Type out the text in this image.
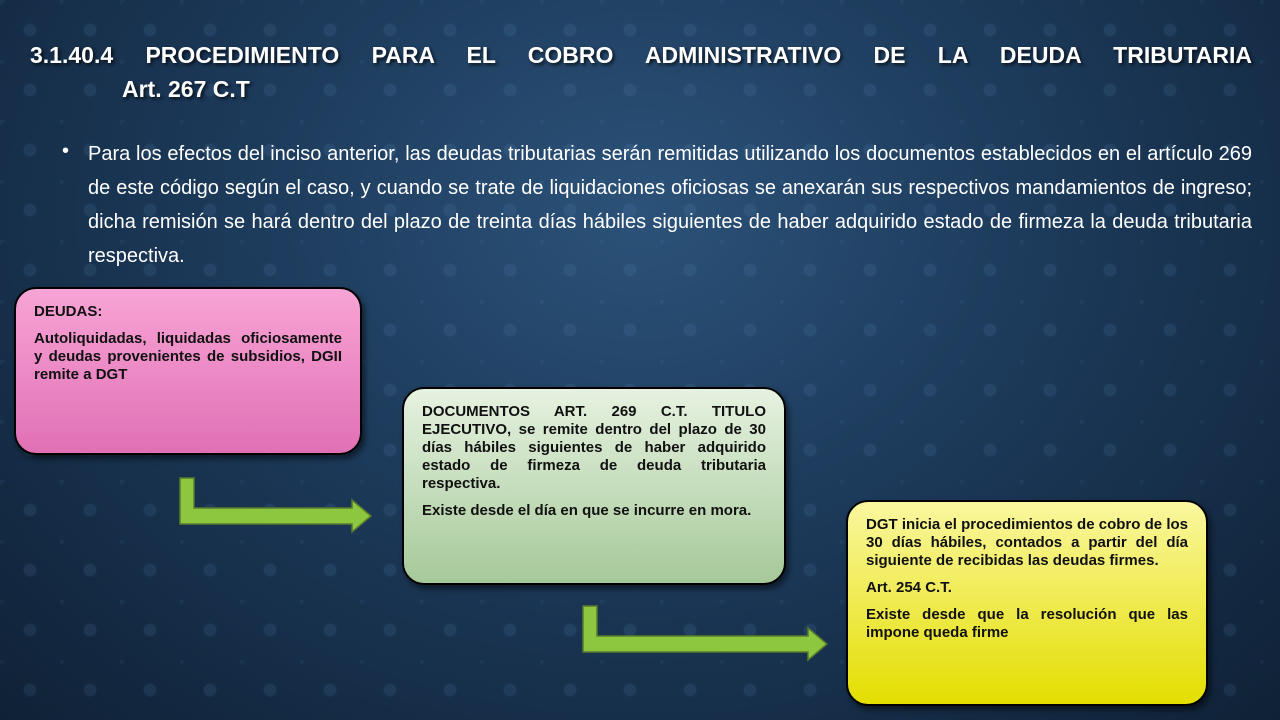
3.1.40.4 PROCEDIMIENTO PARA EL COBRO ADMINISTRATIVO DE LA DEUDA TRIBUTARIA
Art. 267 C.T
• Para los efectos del inciso anterior, las deudas tributarias serán remitidas utilizando los documentos establecidos en el artículo 269 de este código según el caso, y cuando se trate de liquidaciones oficiosas se anexarán sus respectivos mandamientos de ingreso; dicha remisión se hará dentro del plazo de treinta días hábiles siguientes de haber adquirido estado de firmeza la deuda tributaria respectiva.

DEUDAS:

Autoliquidadas, liquidadas oficiosamente y deudas provenientes de subsidios, DGII remite a DGT

DOCUMENTOS ART. 269 C.T. TITULO EJECUTIVO, se remite dentro del plazo de 30 días hábiles siguientes de haber adquirido estado de firmeza de deuda tributaria respectiva.

Existe desde el día en que se incurre en mora.

DGT inicia el procedimientos de cobro de los 30 días hábiles, contados a partir del día siguiente de recibidas las deudas firmes.

Art. 254 C.T.

Existe desde que la resolución que las impone queda firme
